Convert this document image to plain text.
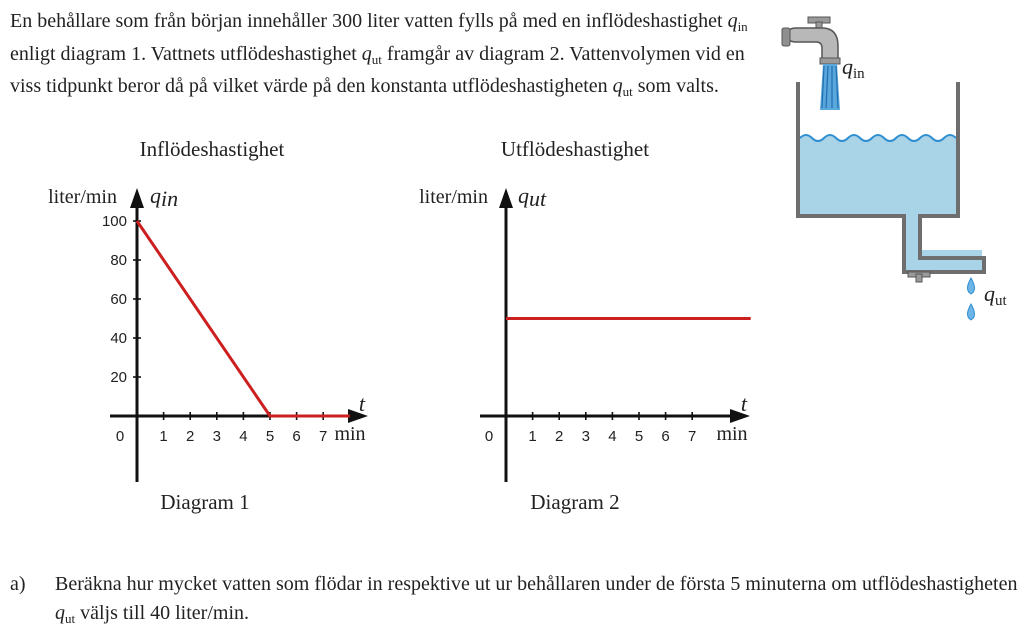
En behållare som från början innehåller 300 liter vatten fylls på med en inflödeshastighet $q_{in}$ enligt diagram 1. Vattnets utflödeshastighet $q_{ut}$ framgår av diagram 2. Vattenvolymen vid en viss tidpunkt beror då på vilket värde på den konstanta utflödeshastigheten $q_{ut}$ som valts.

Inflödeshastighet
liter/min qin
0 1 2 3 4 5 6 7
20
40
60
80
100
t
min
Diagram 1
Utflödeshastighet
liter/min qut
0 1 2 3 4 5 6 7
t
min
Diagram 2
qin
qut

a) Beräkna hur mycket vatten som flödar in respektive ut ur behållaren under de första 5 minuterna om utflödeshastigheten $q_{ut}$ väljs till 40 liter/min.
